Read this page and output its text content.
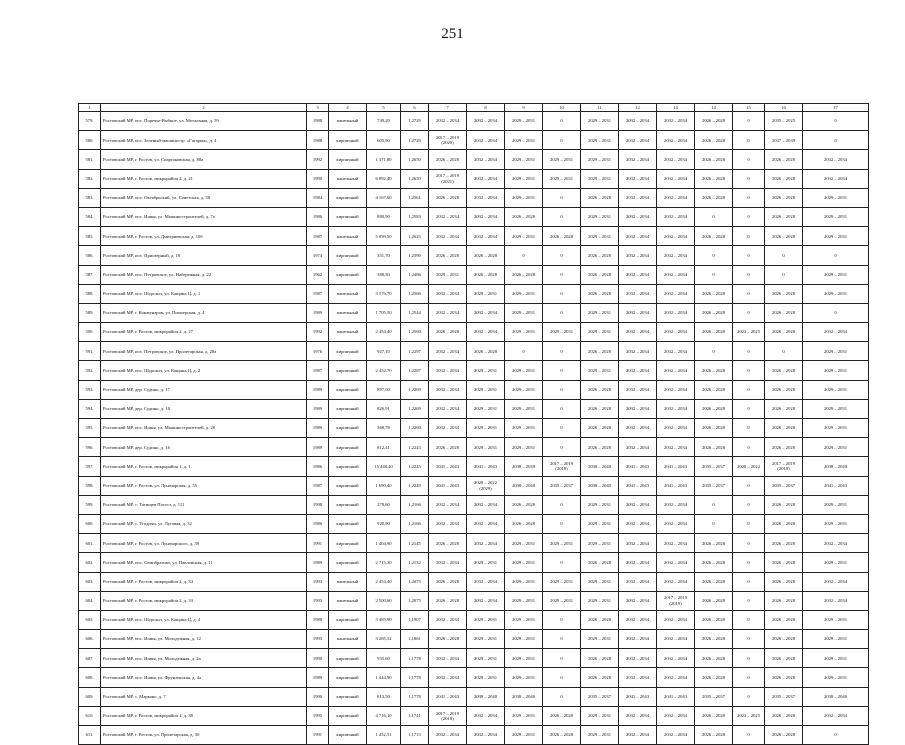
251
1	2	3	4	5	6	7	8	9	10	11	12	13	14	15	16	17
579.	Ростовский МР, пос. Поречье-Рыбное, ул. Мотальная, д. 59	1988	панельный	749,20	1,2729	2032 – 2034	2032 – 2034	2029 – 2031	0	2029 – 2031	2032 – 2034	2032 – 2034	2026 – 2028	0	2035 – 2025	0
580.	Ростовский МР, пос. Зеленый-машиностр. «Гагарин», д. 4	1988	кирпичный	605,90	1,2729	2017 – 2019 (2020)	2032 – 2034	2029 – 2031	0	2029 – 2031	2032 – 2034	2032 – 2034	2026 – 2028	0	2037 – 2039	0
581.	Ростовский МР, г. Ростов, ул. Спартаковская, д. 80а	1992	кирпичный	1 371,80	1,2650	2026 – 2028	2032 – 2034	2029 – 2031	2029 – 2031	2029 – 2031	2032 – 2034	2032 – 2034	2026 – 2028	0	2026 – 2028	2032 – 2034
582.	Ростовский МР, г. Ростов, микрорайон 2, д. 21	1990	панельный	6 092,40	1,2650	2017 – 2019 (2021)	2032 – 2034	2029 – 2031	2029 – 2031	2029 – 2031	2032 – 2034	2032 – 2034	2026 – 2028	0	2026 – 2028	2032 – 2034
583.	Ростовский МР, пос. Октябрьский, ул. Советская, д. 58	1984	кирпичный	4 167,60	1,2561	2026 – 2028	2032 – 2034	2029 – 2031	0	2026 – 2028	2032 – 2034	2032 – 2034	2026 – 2028	0	2026 – 2028	2029 – 2031
584.	Ростовский МР, пос. Ишня, ул. Машиностроителей, д. 7а	1986	кирпичный	880,90	1,2583	2032 – 2034	2032 – 2034	2026 – 2028	0	2029 – 2031	2032 – 2034	2032 – 2034	0	0	2026 – 2028	2029 – 2031
585.	Ростовский МР, г. Ростов, ул. Дмитриевская, д. 10б	1987	панельный	5 039,50	1,2625	2032 – 2034	2032 – 2034	2029 – 2031	2026 – 2028	2029 – 2031	2032 – 2034	2032 – 2034	2026 – 2028	0	2026 – 2028	2029 – 2031
586.	Ростовский МР, пос. Приозерный, д. 18	1974	кирпичный	351,70	1,2590	2026 – 2028	2026 – 2028	0	0	2026 – 2028	2032 – 2034	2032 – 2034	0	0	0	0
587.	Ростовский МР, пос. Петровское, ул. Набережная, д. 22	1962	кирпичный	388,30	1,2486	2029 – 2031	2026 – 2028	2026 – 2028	0	2026 – 2028	2032 – 2034	2032 – 2034	0	0	0	2029 – 2031
588.	Ростовский МР, пос. Шурскол, ул. Кащина Ц, д. 1	1987	панельный	3 576,70	1,2566	2032 – 2034	2029 – 2031	2029 – 2031	0	2026 – 2028	2032 – 2034	2032 – 2034	2026 – 2028	0	2026 – 2028	2029 – 2031
589.	Ростовский МР, г. Коммунаров, ул. Пионерская, д. 4	1989	панельный	1 705,50	1,2544	2032 – 2034	2032 – 2034	2029 – 2031	0	2029 – 2031	2032 – 2034	2032 – 2034	2026 – 2028	0	2026 – 2028	0
590.	Ростовский МР, г. Ростов, микрорайон 2, д. 27	1992	панельный	2 454,40	1,2560	2026 – 2028	2032 – 2034	2029 – 2031	2029 – 2031	2029 – 2031	2032 – 2034	2032 – 2034	2026 – 2028	2023 – 2025	2026 – 2028	2032 – 2034
591.	Ростовский МР, пос. Петровское, ул. Пролетарская, д. 20а	1976	кирпичный	927,10	1,2297	2032 – 2034	2026 – 2028	0	0	2026 – 2028	2032 – 2034	2032 – 2034	0	0	0	2029 – 2031
592.	Ростовский МР, пос. Шурскол, ул. Кащина Ц, д. 2	1987	кирпичный	2 452,70	1,2287	2032 – 2034	2029 – 2031	2029 – 2031	0	2029 – 2031	2032 – 2034	2032 – 2034	2026 – 2028	0	2026 – 2028	2029 – 2031
593.	Ростовский МР, дер. Судино, д. 17	1989	кирпичный	897,00	1,2269	2032 – 2034	2029 – 2031	2029 – 2031	0	2026 – 2028	2032 – 2034	2032 – 2034	2026 – 2028	0	2026 – 2028	2029 – 2031
594.	Ростовский МР, дер. Судино, д. 18	1989	кирпичный	826,91	1,2269	2032 – 2034	2029 – 2031	2029 – 2031	0	2026 – 2028	2032 – 2034	2032 – 2034	2026 – 2028	0	2026 – 2028	2029 – 2031
595.	Ростовский МР, пос. Ишня, ул. Машиностроителей, д. 2б	1989	кирпичный	568,78	1,2260	2032 – 2034	2029 – 2031	2029 – 2031	0	2026 – 2028	2032 – 2034	2032 – 2034	2026 – 2028	0	2026 – 2028	2029 – 2031
596.	Ростовский МР, дер. Судино, д. 16	1989	кирпичный	812,41	1,2243	2026 – 2028	2029 – 2031	2029 – 2031	0	2026 – 2028	2032 – 2034	2032 – 2034	2026 – 2028	0	2026 – 2028	2029 – 2031
597.	Ростовский МР, г. Ростов, микрорайон 1, д. 1	1986	кирпичный	15 448,40	1,2245	2041 – 2043	2041 – 2043	2038 – 2039	2017 – 2019 (2018)	2038 – 2040	2041 – 2043	2041 – 2043	2035 – 2037	2020 – 2022	2017 – 2019 (2018)	2038 – 2040
598.	Ростовский МР, г. Ростов, ул. Луначарская, д. 55	1987	кирпичный	1 690,40	1,2249	2041 – 2043	2020 – 2022 (2029)	2038 – 2040	2035 – 2037	2038 – 2040	2041 – 2043	2041 – 2043	2035 – 2037	0	2035 – 2037	2041 – 2043
599.	Ростовский МР, с. Татищев Погост, д. 111	1998	кирпичный	278,60	1,2166	2032 – 2034	2032 – 2034	2026 – 2028	0	2029 – 2031	2032 – 2034	2032 – 2034	0	0	2026 – 2028	2029 – 2031
600.	Ростовский МР, с. Угодичи, ул. Луговая, д. 32	1986	кирпичный	920,90	1,2166	2032 – 2034	2032 – 2034	2026 – 2028	0	2029 – 2031	2032 – 2034	2032 – 2034	0	0	2026 – 2028	2029 – 2031
601.	Ростовский МР, г. Ростов, ул. Луначарского, д. 39	1991	кирпичный	1 404,90	1,2145	2026 – 2028	2032 – 2034	2029 – 2031	2029 – 2031	2029 – 2031	2032 – 2034	2032 – 2034	2026 – 2028	0	2026 – 2028	2032 – 2034
602.	Ростовский МР, пос. Семибратово, ул. Павловская, д. 11	1989	кирпичный	2 715,30	1,2132	2032 – 2034	2029 – 2031	2029 – 2031	0	2026 – 2028	2032 – 2034	2032 – 2034	2026 – 2028	0	2026 – 2028	2029 – 2031
603.	Ростовский МР, г. Ростов, микрорайон 2, д. 34	1993	панельный	2 454,40	1,2075	2026 – 2028	2032 – 2034	2029 – 2031	2029 – 2031	2029 – 2031	2032 – 2034	2032 – 2034	2026 – 2028	0	2026 – 2028	2032 – 2034
604.	Ростовский МР, г. Ростов, микрорайон 2, д. 33	1993	панельный	2 500,60	1,2075	2026 – 2028	2032 – 2034	2029 – 2031	2029 – 2031	2029 – 2031	2032 – 2034	2017 – 2019 (2019)	2026 – 2028	0	2026 – 2028	2032 – 2034
605.	Ростовский МР, пос. Шурскол, ул. Кащина Ц, д. 4	1988	кирпичный	3 485,90	1,1907	2032 – 2034	2029 – 2031	2029 – 2031	0	2026 – 2028	2032 – 2034	2032 – 2034	2026 – 2028	0	2026 – 2028	2029 – 2031
606.	Ростовский МР, пос. Ишня, ул. Молодежная, д. 12	1993	панельный	3 265,52	1,1861	2026 – 2028	2029 – 2031	2029 – 2031	0	2029 – 2031	2032 – 2034	2032 – 2034	2026 – 2028	0	2026 – 2028	2029 – 2031
607.	Ростовский МР, пос. Ишня, ул. Молодежная, д. 2а	1990	кирпичный	935,60	1,1778	2032 – 2034	2029 – 2031	2029 – 2031	0	2026 – 2028	2032 – 2034	2032 – 2034	2026 – 2028	0	2026 – 2028	2029 – 2031
608.	Ростовский МР, пос. Ишня, ул. Фрунзенская, д. 4а	1989	кирпичный	1 444,90	1,1778	2032 – 2034	2029 – 2031	2029 – 2031	0	2026 – 2028	2032 – 2034	2032 – 2034	2026 – 2028	0	2026 – 2028	2029 – 2031
609.	Ростовский МР, с. Марково, д. 7	1990	кирпичный	813,50	1,1778	2041 – 2043	2038 – 2040	2038 – 2040	0	2035 – 2037	2041 – 2043	2041 – 2043	2035 – 2037	0	2035 – 2037	2038 – 2040
610.	Ростовский МР, г. Ростов, микрорайон 1, д. 38	1995	кирпичный	4 716,10	1,1741	2017 – 2019 (2018)	2032 – 2034	2029 – 2031	2026 – 2028	2029 – 2031	2032 – 2034	2032 – 2034	2026 – 2028	2023 – 2025	2026 – 2028	2032 – 2034
611.	Ростовский МР, г. Ростов, ул. Пролетарская, д. 30	1991	кирпичный	1 452,51	1,1713	2032 – 2034	2032 – 2034	2029 – 2031	2026 – 2028	2029 – 2031	2032 – 2034	2032 – 2034	2026 – 2028	0	2026 – 2028	0
